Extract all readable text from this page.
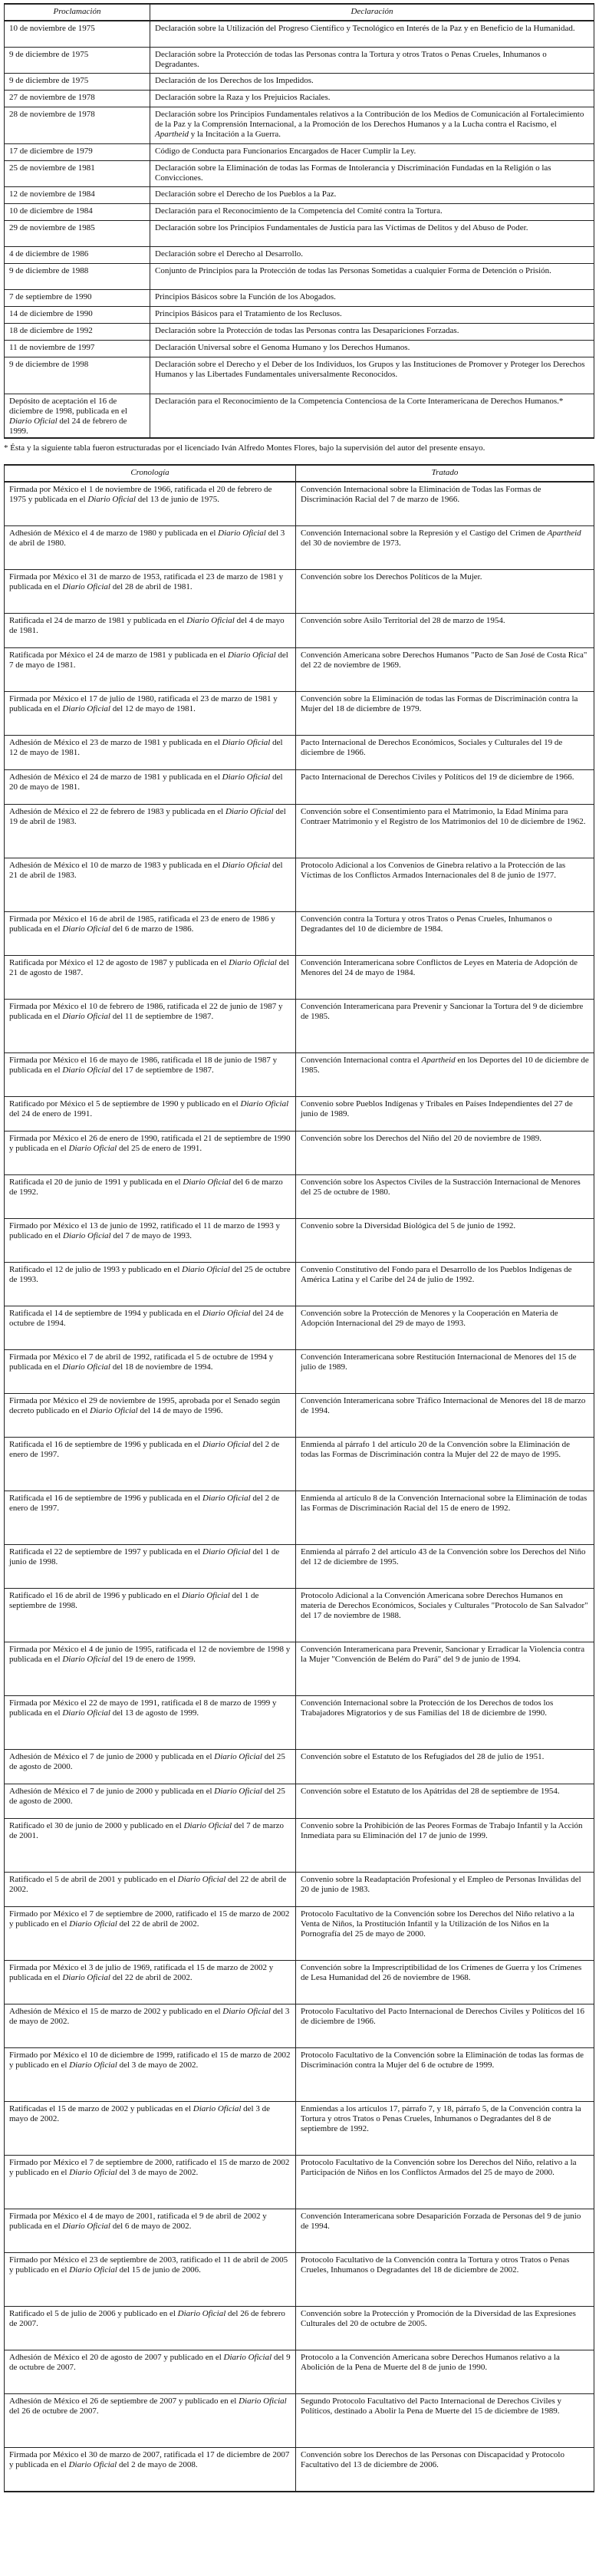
Proclamación	Declaración
10 de noviembre de 1975	Declaración sobre la Utilización del Progreso Científico y Tecnológico en Interés de la Paz y en Beneficio de la Humanidad.
9 de diciembre de 1975	Declaración sobre la Protección de todas las Personas contra la Tortura y otros Tratos o Penas Crueles, Inhumanos o Degradantes.
9 de diciembre de 1975	Declaración de los Derechos de los Impedidos.
27 de noviembre de 1978	Declaración sobre la Raza y los Prejuicios Raciales.
28 de noviembre de 1978	Declaración sobre los Principios Fundamentales relativos a la Contribución de los Medios de Comunicación al Fortalecimiento de la Paz y la Comprensión Internacional, a la Promoción de los Derechos Humanos y a la Lucha contra el Racismo, el Apartheid y la Incitación a la Guerra.
17 de diciembre de 1979	Código de Conducta para Funcionarios Encargados de Hacer Cumplir la Ley.
25 de noviembre de 1981	Declaración sobre la Eliminación de todas las Formas de Intolerancia y Discriminación Fundadas en la Religión o las Convicciones.
12 de noviembre de 1984	Declaración sobre el Derecho de los Pueblos a la Paz.
10 de diciembre de 1984	Declaración para el Reconocimiento de la Competencia del Comité contra la Tortura.
29 de noviembre de 1985	Declaración sobre los Principios Fundamentales de Justicia para las Víctimas de Delitos y del Abuso de Poder.
4 de diciembre de 1986	Declaración sobre el Derecho al Desarrollo.
9 de diciembre de 1988	Conjunto de Principios para la Protección de todas las Personas Sometidas a cualquier Forma de Detención o Prisión.
7 de septiembre de 1990	Principios Básicos sobre la Función de los Abogados.
14 de diciembre de 1990	Principios Básicos para el Tratamiento de los Reclusos.
18 de diciembre de 1992	Declaración sobre la Protección de todas las Personas contra las Desapariciones Forzadas.
11 de noviembre de 1997	Declaración Universal sobre el Genoma Humano y los Derechos Humanos.
9 de diciembre de 1998	Declaración sobre el Derecho y el Deber de los Individuos, los Grupos y las Instituciones de Promover y Proteger los Derechos Humanos y las Libertades Fundamentales universalmente Reconocidos.
Depósito de aceptación el 16 de diciembre de 1998, publicada en el Diario Oficial del 24 de febrero de 1999.	Declaración para el Reconocimiento de la Competencia Contenciosa de la Corte Interamericana de Derechos Humanos.*
* Ésta y la siguiente tabla fueron estructuradas por el licenciado Iván Alfredo Montes Flores, bajo la supervisión del autor del presente ensayo.
Cronología	Tratado
Firmada por México el 1 de noviembre de 1966, ratificada el 20 de febrero de 1975 y publicada en el Diario Oficial del 13 de junio de 1975.	Convención Internacional sobre la Eliminación de Todas las Formas de Discriminación Racial del 7 de marzo de 1966.
Adhesión de México el 4 de marzo de 1980 y publicada en el Diario Oficial del 3 de abril de 1980.	Convención Internacional sobre la Represión y el Castigo del Crimen de Apartheid del 30 de noviembre de 1973.
Firmada por México el 31 de marzo de 1953, ratificada el 23 de marzo de 1981 y publicada en el Diario Oficial del 28 de abril de 1981.	Convención sobre los Derechos Políticos de la Mujer.
Ratificada el 24 de marzo de 1981 y publicada en el Diario Oficial del 4 de mayo de 1981.	Convención sobre Asilo Territorial del 28 de marzo de 1954.
Ratificada por México el 24 de marzo de 1981 y publicada en el Diario Oficial del 7 de mayo de 1981.	Convención Americana sobre Derechos Humanos "Pacto de San José de Costa Rica" del 22 de noviembre de 1969.
Firmada por México el 17 de julio de 1980, ratificada el 23 de marzo de 1981 y publicada en el Diario Oficial del 12 de mayo de 1981.	Convención sobre la Eliminación de todas las Formas de Discriminación contra la Mujer del 18 de diciembre de 1979.
Adhesión de México el 23 de marzo de 1981 y publicada en el Diario Oficial del 12 de mayo de 1981.	Pacto Internacional de Derechos Económicos, Sociales y Culturales del 19 de diciembre de 1966.
Adhesión de México el 24 de marzo de 1981 y publicada en el Diario Oficial del 20 de mayo de 1981.	Pacto Internacional de Derechos Civiles y Políticos del 19 de diciembre de 1966.
Adhesión de México el 22 de febrero de 1983 y publicada en el Diario Oficial del 19 de abril de 1983.	Convención sobre el Consentimiento para el Matrimonio, la Edad Mínima para Contraer Matrimonio y el Registro de los Matrimonios del 10 de diciembre de 1962.
Adhesión de México el 10 de marzo de 1983 y publicada en el Diario Oficial del 21 de abril de 1983.	Protocolo Adicional a los Convenios de Ginebra relativo a la Protección de las Víctimas de los Conflictos Armados Internacionales del 8 de junio de 1977.
Firmada por México el 16 de abril de 1985, ratificada el 23 de enero de 1986 y publicada en el Diario Oficial del 6 de marzo de 1986.	Convención contra la Tortura y otros Tratos o Penas Crueles, Inhumanos o Degradantes del 10 de diciembre de 1984.
Ratificada por México el 12 de agosto de 1987 y publicada en el Diario Oficial del 21 de agosto de 1987.	Convención Interamericana sobre Conflictos de Leyes en Materia de Adopción de Menores del 24 de mayo de 1984.
Firmada por México el 10 de febrero de 1986, ratificada el 22 de junio de 1987 y publicada en el Diario Oficial del 11 de septiembre de 1987.	Convención Interamericana para Prevenir y Sancionar la Tortura del 9 de diciembre de 1985.
Firmada por México el 16 de mayo de 1986, ratificada el 18 de junio de 1987 y publicada en el Diario Oficial del 17 de septiembre de 1987.	Convención Internacional contra el Apartheid en los Deportes del 10 de diciembre de 1985.
Ratificado por México el 5 de septiembre de 1990 y publicado en el Diario Oficial del 24 de enero de 1991.	Convenio sobre Pueblos Indígenas y Tribales en Países Independientes del 27 de junio de 1989.
Firmada por México el 26 de enero de 1990, ratificada el 21 de septiembre de 1990 y publicada en el Diario Oficial del 25 de enero de 1991.	Convención sobre los Derechos del Niño del 20 de noviembre de 1989.
Ratificada el 20 de junio de 1991 y publicada en el Diario Oficial del 6 de marzo de 1992.	Convención sobre los Aspectos Civiles de la Sustracción Internacional de Menores del 25 de octubre de 1980.
Firmado por México el 13 de junio de 1992, ratificado el 11 de marzo de 1993 y publicado en el Diario Oficial del 7 de mayo de 1993.	Convenio sobre la Diversidad Biológica del 5 de junio de 1992.
Ratificado el 12 de julio de 1993 y publicado en el Diario Oficial del 25 de octubre de 1993.	Convenio Constitutivo del Fondo para el Desarrollo de los Pueblos Indígenas de América Latina y el Caribe del 24 de julio de 1992.
Ratificada el 14 de septiembre de 1994 y publicada en el Diario Oficial del 24 de octubre de 1994.	Convención sobre la Protección de Menores y la Cooperación en Materia de Adopción Internacional del 29 de mayo de 1993.
Firmada por México el 7 de abril de 1992, ratificada el 5 de octubre de 1994 y publicada en el Diario Oficial del 18 de noviembre de 1994.	Convención Interamericana sobre Restitución Internacional de Menores del 15 de julio de 1989.
Firmada por México el 29 de noviembre de 1995, aprobada por el Senado según decreto publicado en el Diario Oficial del 14 de mayo de 1996.	Convención Interamericana sobre Tráfico Internacional de Menores del 18 de marzo de 1994.
Ratificada el 16 de septiembre de 1996 y publicada en el Diario Oficial del 2 de enero de 1997.	Enmienda al párrafo 1 del artículo 20 de la Convención sobre la Eliminación de todas las Formas de Discriminación contra la Mujer del 22 de mayo de 1995.
Ratificada el 16 de septiembre de 1996 y publicada en el Diario Oficial del 2 de enero de 1997.	Enmienda al artículo 8 de la Convención Internacional sobre la Eliminación de todas las Formas de Discriminación Racial del 15 de enero de 1992.
Ratificada el 22 de septiembre de 1997 y publicada en el Diario Oficial del 1 de junio de 1998.	Enmienda al párrafo 2 del artículo 43 de la Convención sobre los Derechos del Niño del 12 de diciembre de 1995.
Ratificado el 16 de abril de 1996 y publicado en el Diario Oficial del 1 de septiembre de 1998.	Protocolo Adicional a la Convención Americana sobre Derechos Humanos en materia de Derechos Económicos, Sociales y Culturales "Protocolo de San Salvador" del 17 de noviembre de 1988.
Firmada por México el 4 de junio de 1995, ratificada el 12 de noviembre de 1998 y publicada en el Diario Oficial del 19 de enero de 1999.	Convención Interamericana para Prevenir, Sancionar y Erradicar la Violencia contra la Mujer "Convención de Belém do Pará" del 9 de junio de 1994.
Firmada por México el 22 de mayo de 1991, ratificada el 8 de marzo de 1999 y publicada en el Diario Oficial del 13 de agosto de 1999.	Convención Internacional sobre la Protección de los Derechos de todos los Trabajadores Migratorios y de sus Familias del 18 de diciembre de 1990.
Adhesión de México el 7 de junio de 2000 y publicada en el Diario Oficial del 25 de agosto de 2000.	Convención sobre el Estatuto de los Refugiados del 28 de julio de 1951.
Adhesión de México el 7 de junio de 2000 y publicada en el Diario Oficial del 25 de agosto de 2000.	Convención sobre el Estatuto de los Apátridas del 28 de septiembre de 1954.
Ratificado el 30 de junio de 2000 y publicado en el Diario Oficial del 7 de marzo de 2001.	Convenio sobre la Prohibición de las Peores Formas de Trabajo Infantil y la Acción Inmediata para su Eliminación del 17 de junio de 1999.
Ratificado el 5 de abril de 2001 y publicado en el Diario Oficial del 22 de abril de 2002.	Convenio sobre la Readaptación Profesional y el Empleo de Personas Inválidas del 20 de junio de 1983.
Firmado por México el 7 de septiembre de 2000, ratificado el 15 de marzo de 2002 y publicado en el Diario Oficial del 22 de abril de 2002.	Protocolo Facultativo de la Convención sobre los Derechos del Niño relativo a la Venta de Niños, la Prostitución Infantil y la Utilización de los Niños en la Pornografía del 25 de mayo de 2000.
Firmada por México el 3 de julio de 1969, ratificada el 15 de marzo de 2002 y publicada en el Diario Oficial del 22 de abril de 2002.	Convención sobre la Imprescriptibilidad de los Crímenes de Guerra y los Crímenes de Lesa Humanidad del 26 de noviembre de 1968.
Adhesión de México el 15 de marzo de 2002 y publicado en el Diario Oficial del 3 de mayo de 2002.	Protocolo Facultativo del Pacto Internacional de Derechos Civiles y Políticos del 16 de diciembre de 1966.
Firmado por México el 10 de diciembre de 1999, ratificado el 15 de marzo de 2002 y publicado en el Diario Oficial del 3 de mayo de 2002.	Protocolo Facultativo de la Convención sobre la Eliminación de todas las formas de Discriminación contra la Mujer del 6 de octubre de 1999.
Ratificadas el 15 de marzo de 2002 y publicadas en el Diario Oficial del 3 de mayo de 2002.	Enmiendas a los artículos 17, párrafo 7, y 18, párrafo 5, de la Convención contra la Tortura y otros Tratos o Penas Crueles, Inhumanos o Degradantes del 8 de septiembre de 1992.
Firmado por México el 7 de septiembre de 2000, ratificado el 15 de marzo de 2002 y publicado en el Diario Oficial del 3 de mayo de 2002.	Protocolo Facultativo de la Convención sobre los Derechos del Niño, relativo a la Participación de Niños en los Conflictos Armados del 25 de mayo de 2000.
Firmada por México el 4 de mayo de 2001, ratificada el 9 de abril de 2002 y publicada en el Diario Oficial del 6 de mayo de 2002.	Convención Interamericana sobre Desaparición Forzada de Personas del 9 de junio de 1994.
Firmado por México el 23 de septiembre de 2003, ratificado el 11 de abril de 2005 y publicado en el Diario Oficial del 15 de junio de 2006.	Protocolo Facultativo de la Convención contra la Tortura y otros Tratos o Penas Crueles, Inhumanos o Degradantes del 18 de diciembre de 2002.
Ratificado el 5 de julio de 2006 y publicado en el Diario Oficial del 26 de febrero de 2007.	Convención sobre la Protección y Promoción de la Diversidad de las Expresiones Culturales del 20 de octubre de 2005.
Adhesión de México el 20 de agosto de 2007 y publicado en el Diario Oficial del 9 de octubre de 2007.	Protocolo a la Convención Americana sobre Derechos Humanos relativo a la Abolición de la Pena de Muerte del 8 de junio de 1990.
Adhesión de México el 26 de septiembre de 2007 y publicado en el Diario Oficial del 26 de octubre de 2007.	Segundo Protocolo Facultativo del Pacto Internacional de Derechos Civiles y Políticos, destinado a Abolir la Pena de Muerte del 15 de diciembre de 1989.
Firmada por México el 30 de marzo de 2007, ratificada el 17 de diciembre de 2007 y publicada en el Diario Oficial del 2 de mayo de 2008.	Convención sobre los Derechos de las Personas con Discapacidad y Protocolo Facultativo del 13 de diciembre de 2006.
